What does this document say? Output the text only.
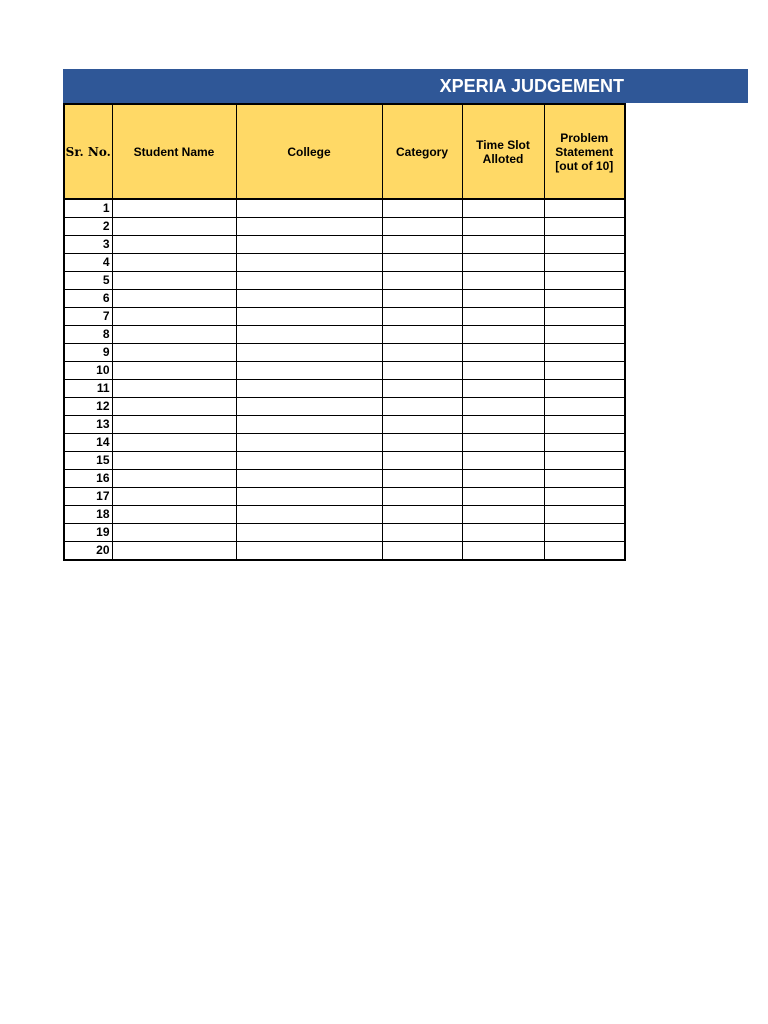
XPERIA JUDGEMENT
Sr. No.	Student Name	College	Category	Time Slot Alloted	Problem Statement [out of 10]
1					
2					
3					
4					
5					
6					
7					
8					
9					
10					
11					
12					
13					
14					
15					
16					
17					
18					
19					
20					
